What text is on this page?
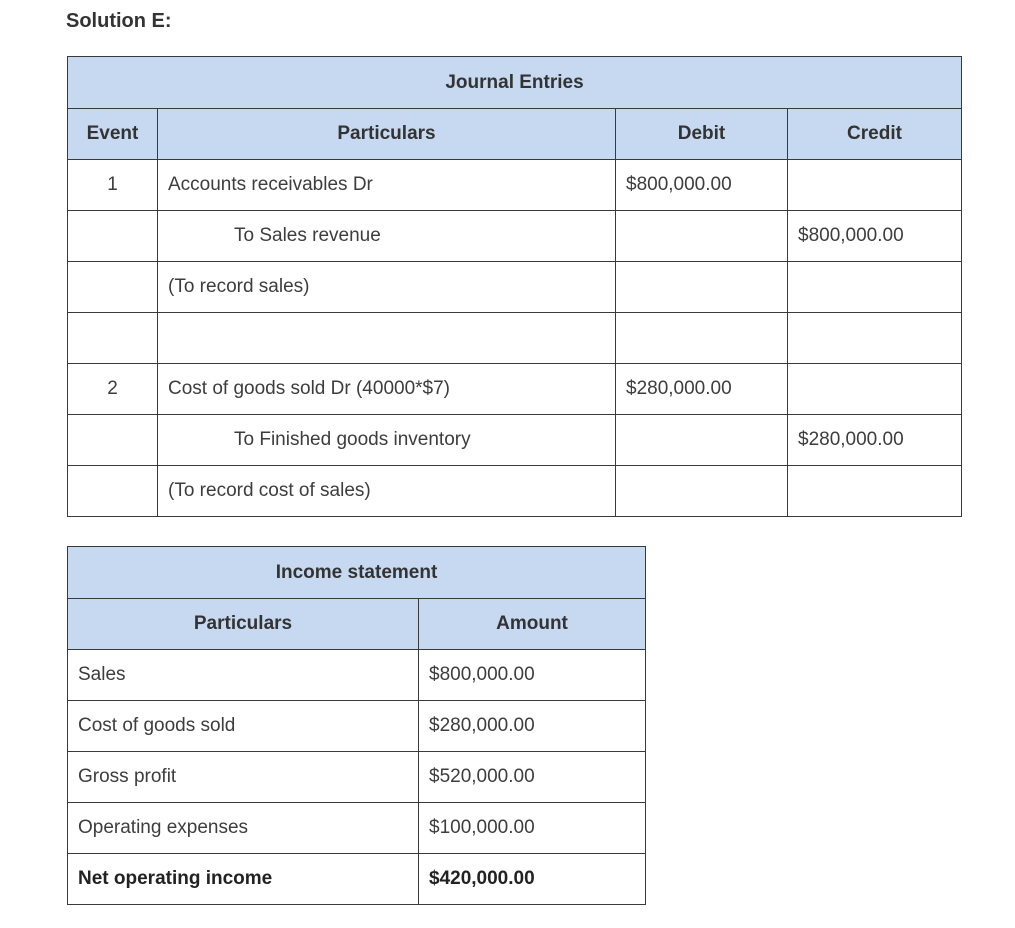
Solution E:
Journal Entries			
Event	Particulars	Debit	Credit
1	Accounts receivables Dr	$800,000.00	
	To Sales revenue		$800,000.00
	(To record sales)		

2	Cost of goods sold Dr (40000*$7)	$280,000.00	
	To Finished goods inventory		$280,000.00
	(To record cost of sales)		
Income statement	
Particulars	Amount
Sales	$800,000.00
Cost of goods sold	$280,000.00
Gross profit	$520,000.00
Operating expenses	$100,000.00
Net operating income	$420,000.00
